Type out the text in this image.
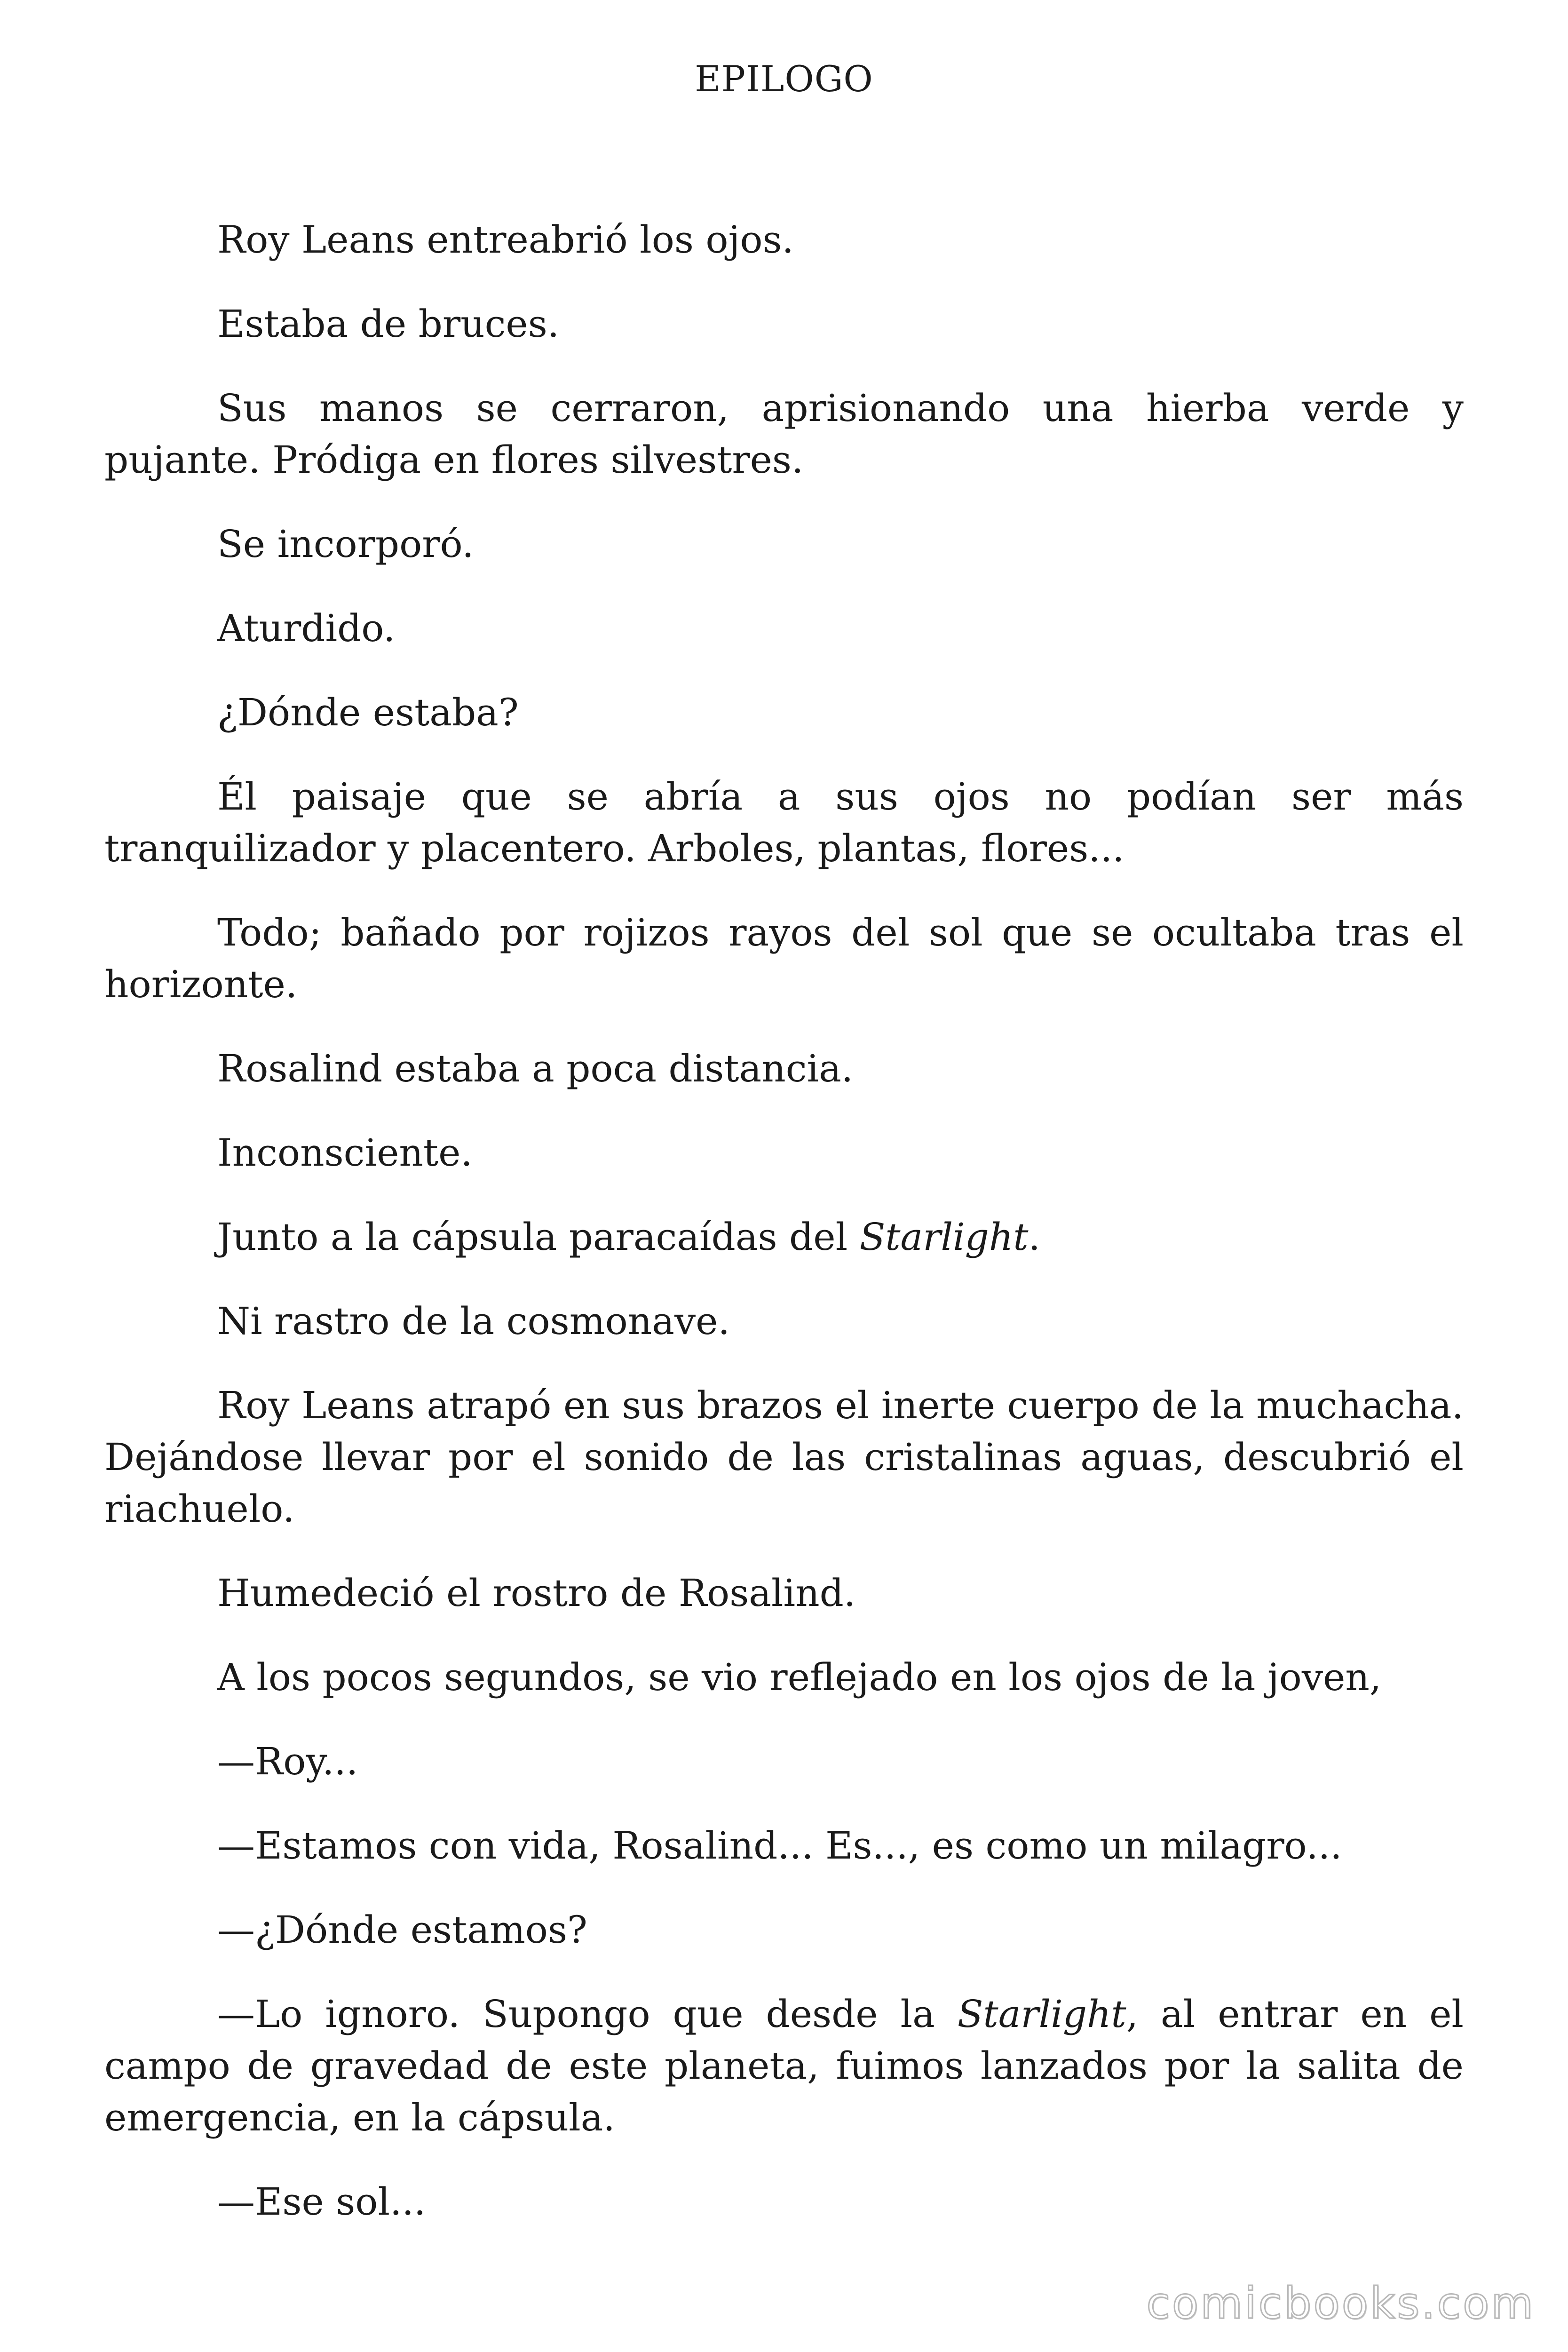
EPILOGO

Roy Leans entreabrió los ojos.

Estaba de bruces.

Sus manos se cerraron, aprisionando una hierba verde y pujante. Pródiga en flores silvestres.

Se incorporó.

Aturdido.

¿Dónde estaba?

Él paisaje que se abría a sus ojos no podían ser más tranquilizador y placentero. Arboles, plantas, flores...

Todo; bañado por rojizos rayos del sol que se ocultaba tras el horizonte.

Rosalind estaba a poca distancia.

Inconsciente.

Junto a la cápsula paracaídas del Starlight.

Ni rastro de la cosmonave.

Roy Leans atrapó en sus brazos el inerte cuerpo de la muchacha. Dejándose llevar por el sonido de las cristalinas aguas, descubrió el riachuelo.

Humedeció el rostro de Rosalind.

A los pocos segundos, se vio reflejado en los ojos de la joven,

—Roy...

—Estamos con vida, Rosalind... Es..., es como un milagro...

—¿Dónde estamos?

—Lo ignoro. Supongo que desde la Starlight, al entrar en el campo de gravedad de este planeta, fuimos lanzados por la salita de emergencia, en la cápsula.

—Ese sol...

comicbooks.com
